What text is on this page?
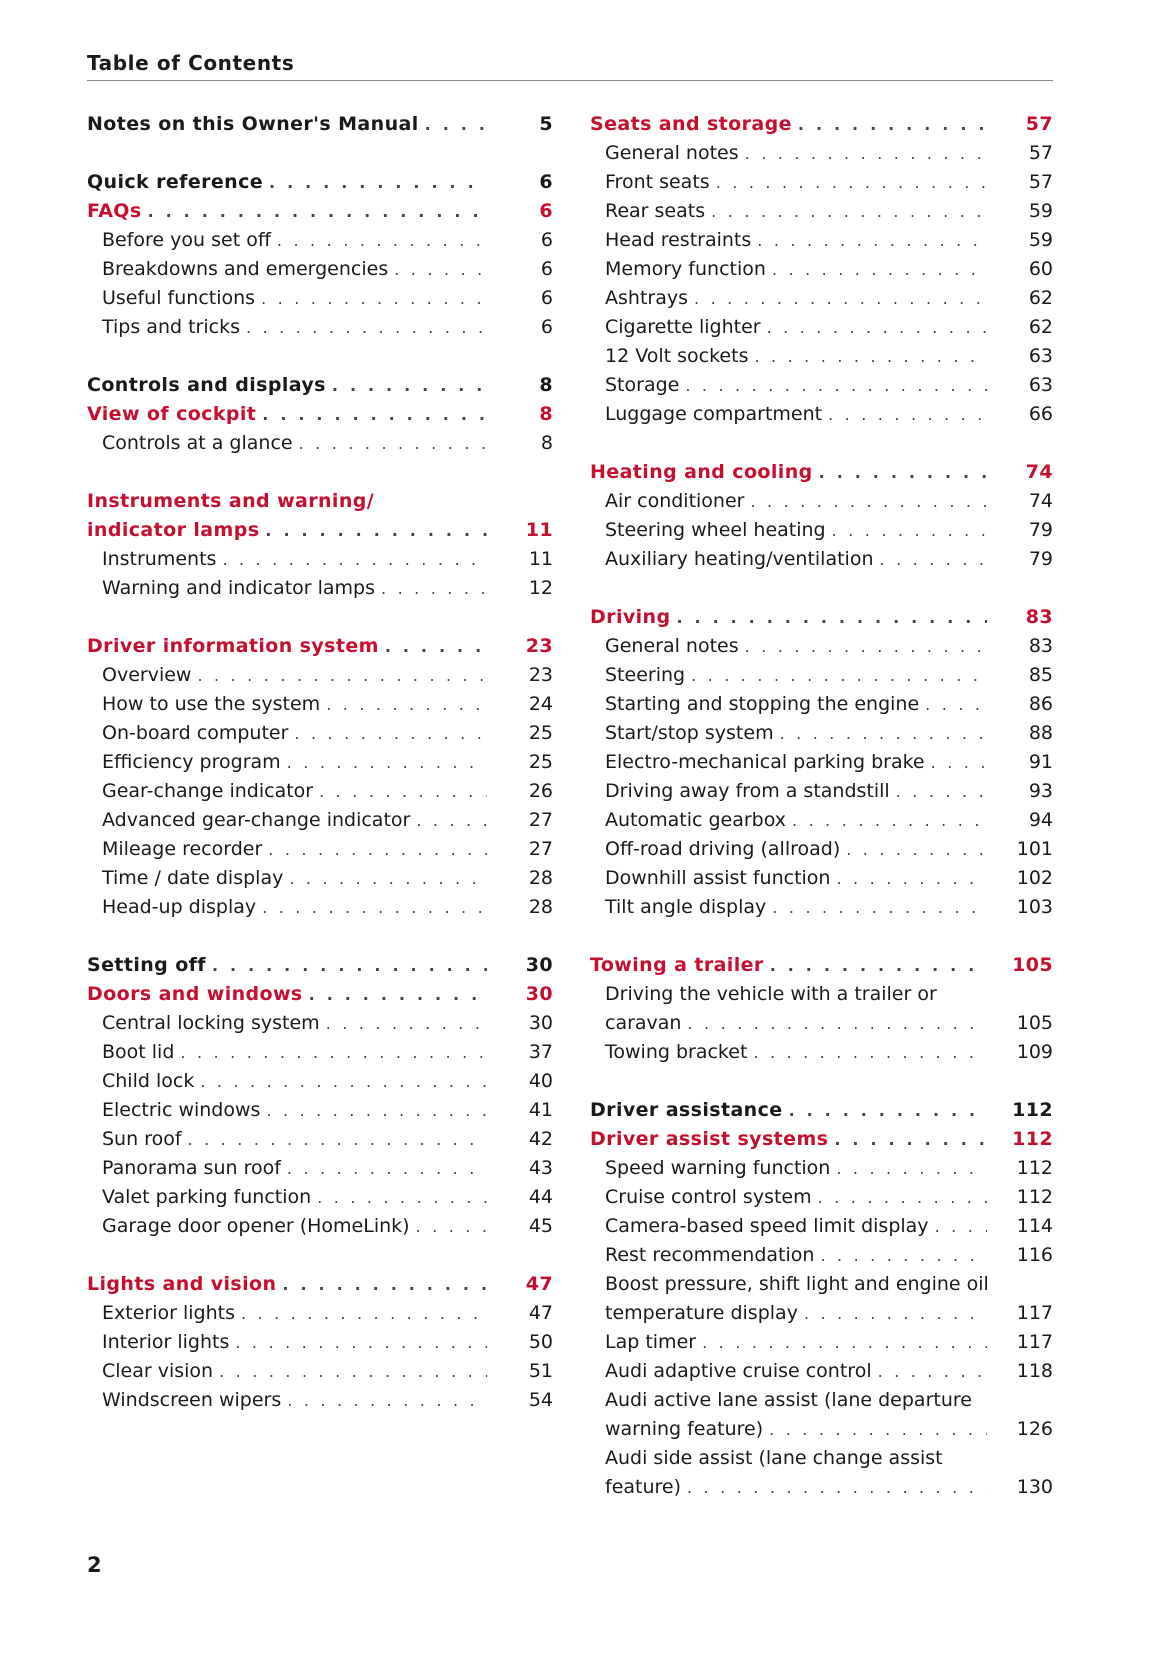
Table of Contents
Notes on this Owner's Manual . . .	5
Quick reference . . .	6
FAQs . . .	6
Before you set off . . .	6
Breakdowns and emergencies . . .	6
Useful functions . . .	6
Tips and tricks . . .	6
Controls and displays . . .	8
View of cockpit . . .	8
Controls at a glance . . .	8
Instruments and warning/
indicator lamps . . .	11
Instruments . . .	11
Warning and indicator lamps . . .	12
Driver information system . . .	23
Overview . . .	23
How to use the system . . .	24
On-board computer . . .	25
Efficiency program . . .	25
Gear-change indicator . . .	26
Advanced gear-change indicator . . .	27
Mileage recorder . . .	27
Time / date display . . .	28
Head-up display . . .	28
Setting off . . .	30
Doors and windows . . .	30
Central locking system . . .	30
Boot lid . . .	37
Child lock . . .	40
Electric windows . . .	41
Sun roof . . .	42
Panorama sun roof . . .	43
Valet parking function . . .	44
Garage door opener (HomeLink) . . .	45
Lights and vision . . .	47
Exterior lights . . .	47
Interior lights . . .	50
Clear vision . . .	51
Windscreen wipers . . .	54
Seats and storage . . .	57
General notes . . .	57
Front seats . . .	57
Rear seats . . .	59
Head restraints . . .	59
Memory function . . .	60
Ashtrays . . .	62
Cigarette lighter . . .	62
12 Volt sockets . . .	63
Storage . . .	63
Luggage compartment . . .	66
Heating and cooling . . .	74
Air conditioner . . .	74
Steering wheel heating . . .	79
Auxiliary heating/ventilation . . .	79
Driving . . .	83
General notes . . .	83
Steering . . .	85
Starting and stopping the engine . . .	86
Start/stop system . . .	88
Electro-mechanical parking brake . . .	91
Driving away from a standstill . . .	93
Automatic gearbox . . .	94
Off-road driving (allroad) . . .	101
Downhill assist function . . .	102
Tilt angle display . . .	103
Towing a trailer . . .	105
Driving the vehicle with a trailer or
caravan . . .	105
Towing bracket . . .	109
Driver assistance . . .	112
Driver assist systems . . .	112
Speed warning function . . .	112
Cruise control system . . .	112
Camera-based speed limit display . . .	114
Rest recommendation . . .	116
Boost pressure, shift light and engine oil
temperature display . . .	117
Lap timer . . .	117
Audi adaptive cruise control . . .	118
Audi active lane assist (lane departure
warning feature) . . .	126
Audi side assist (lane change assist
feature) . . .	130
2
